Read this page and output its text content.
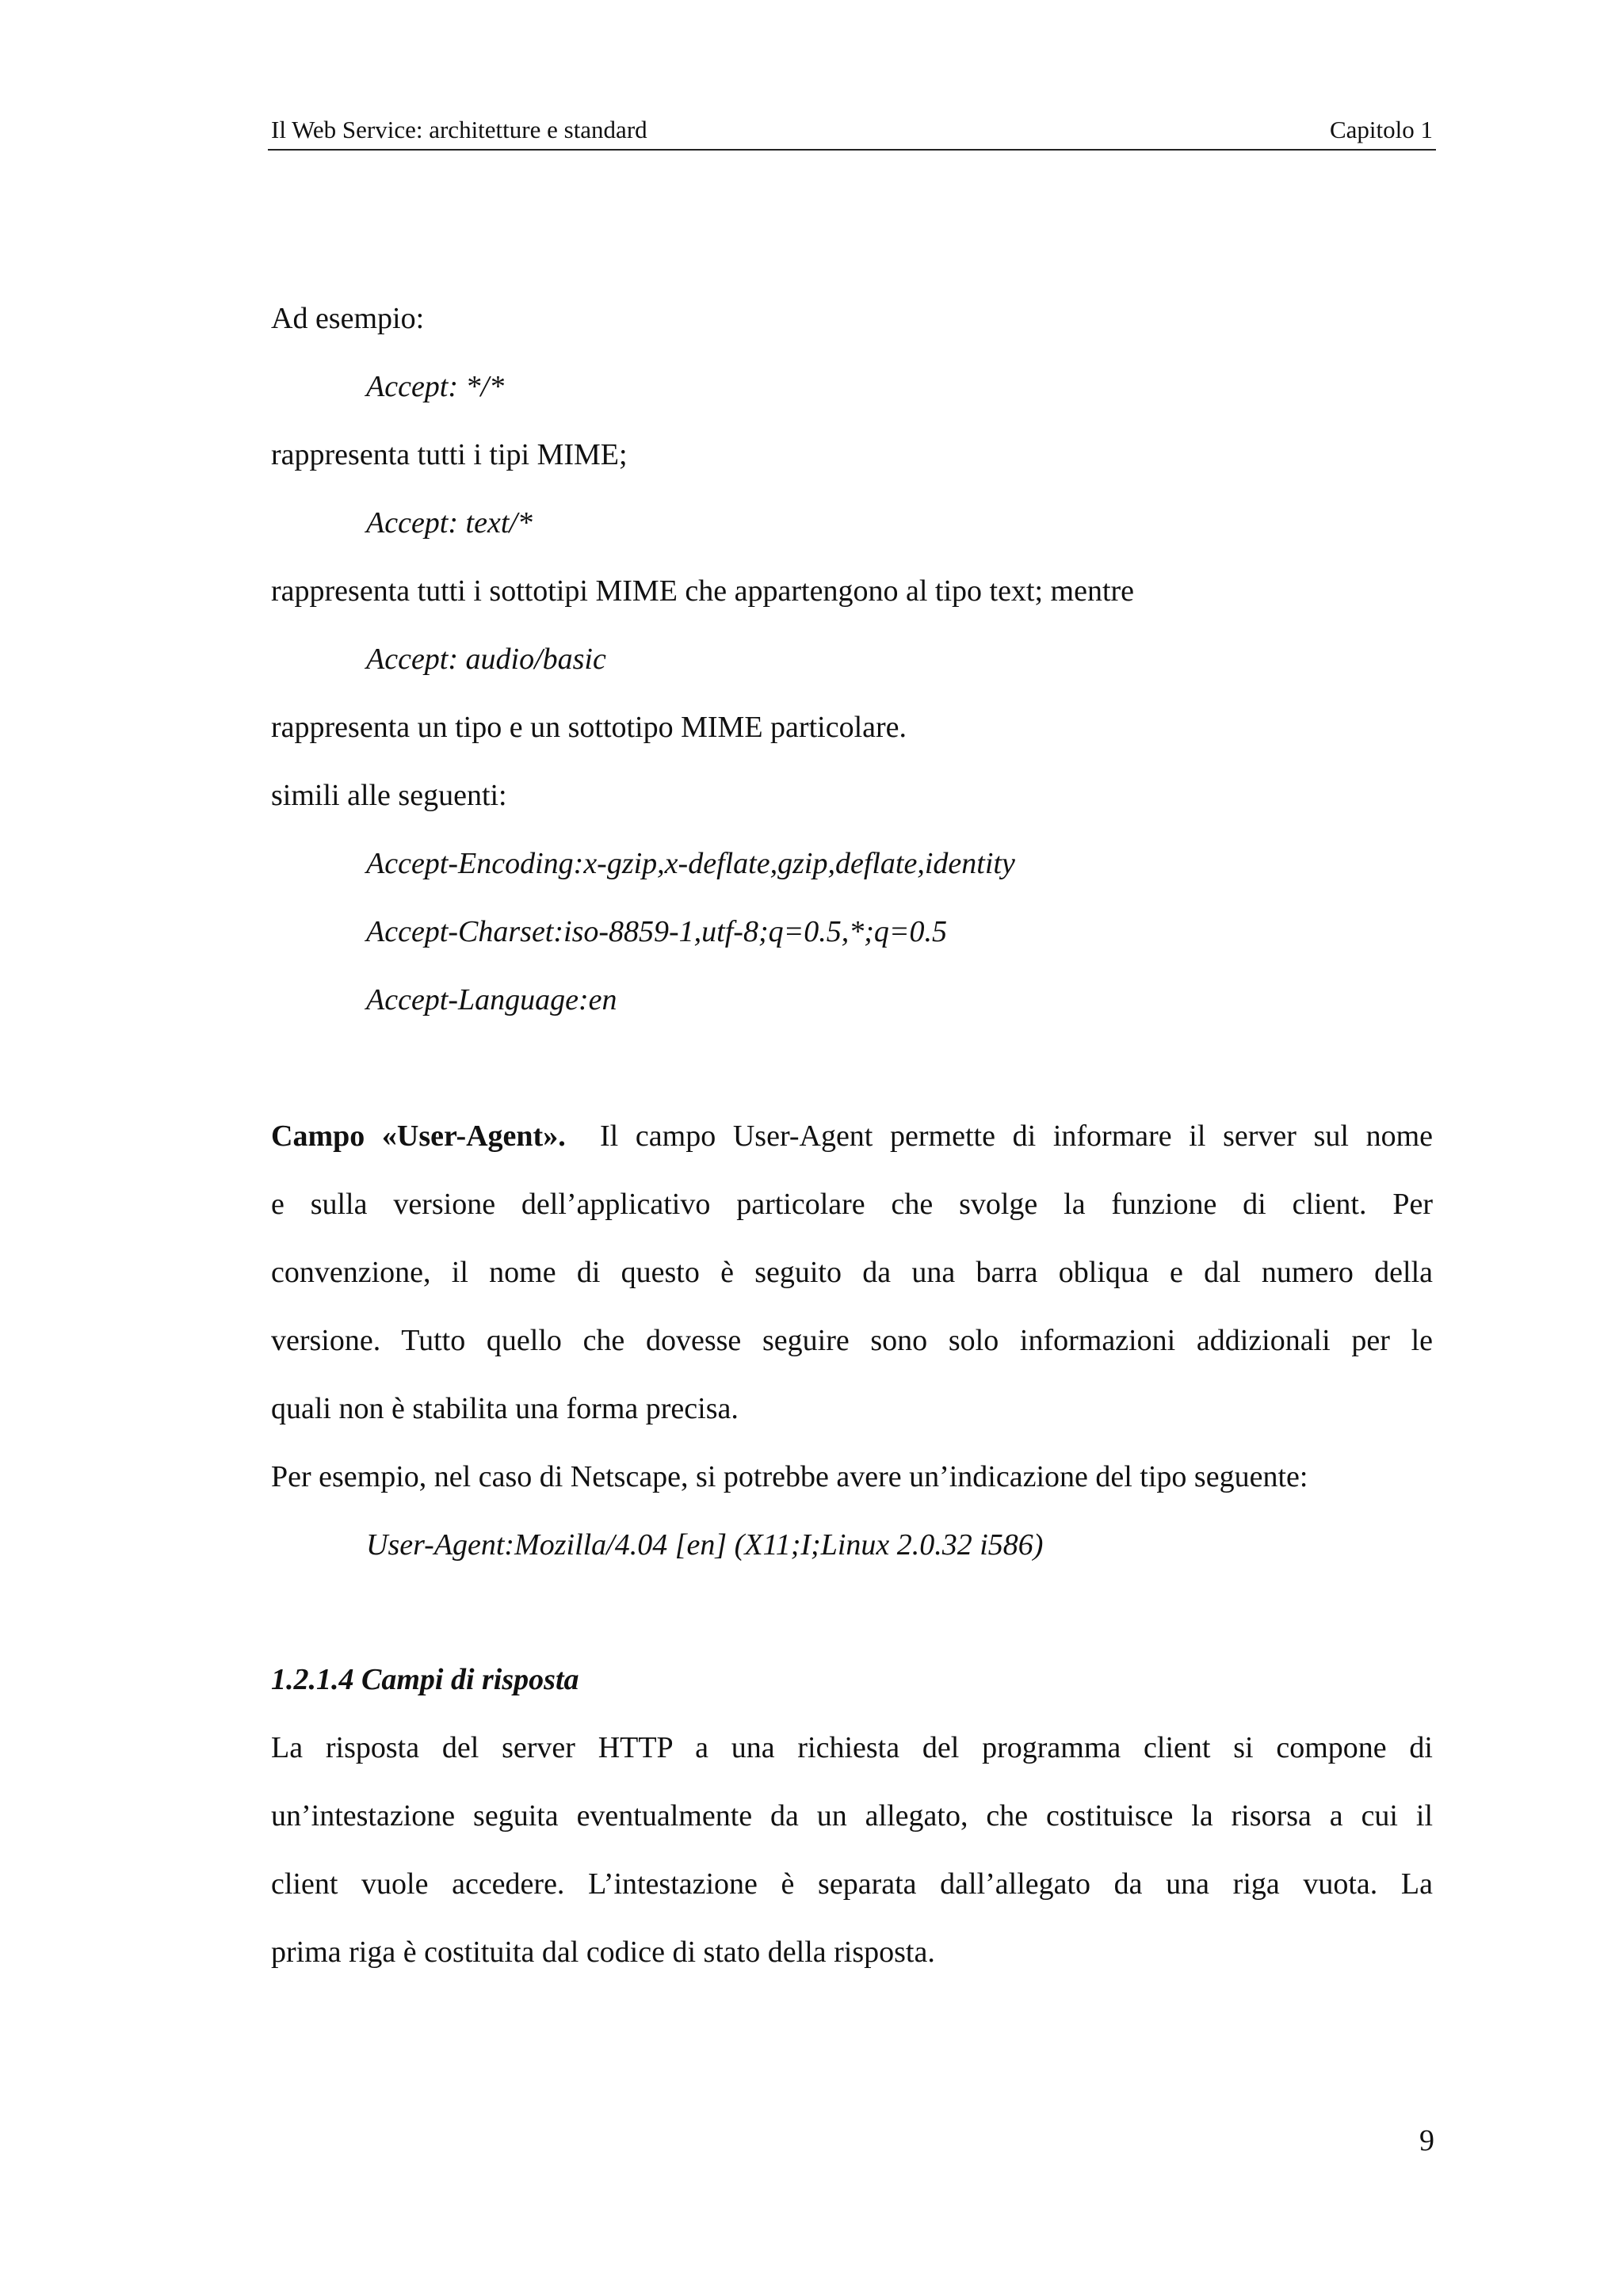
Il Web Service: architetture e standard	Capitolo 1
Ad esempio:
Accept: */*
rappresenta tutti i tipi MIME;
Accept: text/*
rappresenta tutti i sottotipi MIME che appartengono al tipo text; mentre
Accept: audio/basic
rappresenta un tipo e un sottotipo MIME particolare.
simili alle seguenti:
Accept-Encoding:x-gzip,x-deflate,gzip,deflate,identity
Accept-Charset:iso-8859-1,utf-8;q=0.5,*;q=0.5
Accept-Language:en
Campo «User-Agent». Il campo User-Agent permette di informare il server sul nome
e sulla versione dell’applicativo particolare che svolge la funzione di client. Per
convenzione, il nome di questo è seguito da una barra obliqua e dal numero della
versione. Tutto quello che dovesse seguire sono solo informazioni addizionali per le
quali non è stabilita una forma precisa.
Per esempio, nel caso di Netscape, si potrebbe avere un’indicazione del tipo seguente:
User-Agent:Mozilla/4.04 [en] (X11;I;Linux 2.0.32 i586)
1.2.1.4 Campi di risposta
La risposta del server HTTP a una richiesta del programma client si compone di
un’intestazione seguita eventualmente da un allegato, che costituisce la risorsa a cui il
client vuole accedere. L’intestazione è separata dall’allegato da una riga vuota. La
prima riga è costituita dal codice di stato della risposta.
9
